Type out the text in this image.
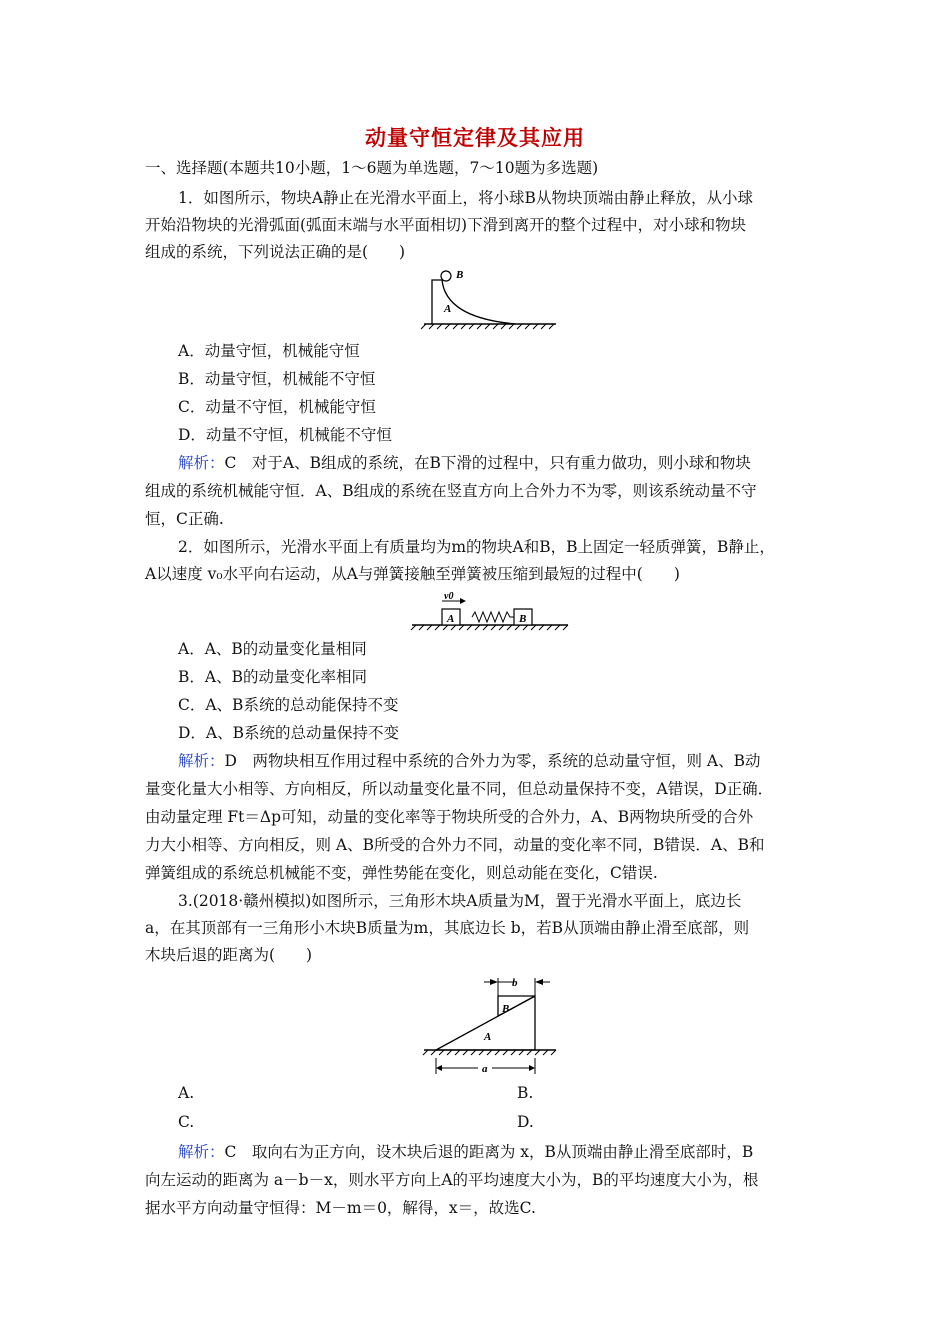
动量守恒定律及其应用
一、选择题(本题共10小题，1～6题为单选题，7～10题为多选题)
1．如图所示，物块A静止在光滑水平面上，将小球B从物块顶端由静止释放，从小球
开始沿物块的光滑弧面(弧面末端与水平面相切)下滑到离开的整个过程中，对小球和物块
组成的系统，下列说法正确的是(　　)
B
A
A．动量守恒，机械能守恒
B．动量守恒，机械能不守恒
C．动量不守恒，机械能守恒
D．动量不守恒，机械能不守恒
解析：C　对于A、B组成的系统，在B下滑的过程中，只有重力做功，则小球和物块
组成的系统机械能守恒．A、B组成的系统在竖直方向上合外力不为零，则该系统动量不守
恒，C正确.
2．如图所示，光滑水平面上有质量均为m的物块A和B，B上固定一轻质弹簧，B静止，
A以速度 v₀水平向右运动，从A与弹簧接触至弹簧被压缩到最短的过程中(　　)
v0
A	B
A．A、B的动量变化量相同
B．A、B的动量变化率相同
C．A、B系统的总动能保持不变
D．A、B系统的总动量保持不变
解析：D　两物块相互作用过程中系统的合外力为零，系统的总动量守恒，则 A、B动
量变化量大小相等、方向相反，所以动量变化量不同，但总动量保持不变，A错误，D正确．
由动量定理 Ft＝Δp可知，动量的变化率等于物块所受的合外力，A、B两物块所受的合外
力大小相等、方向相反，则 A、B所受的合外力不同，动量的变化率不同，B错误．A、B和
弹簧组成的系统总机械能不变，弹性势能在变化，则总动能在变化，C错误.
3.(2018·赣州模拟)如图所示，三角形木块A质量为M，置于光滑水平面上，底边长
a，在其顶部有一三角形小木块B质量为m，其底边长 b，若B从顶端由静止滑至底部，则
木块后退的距离为(　　)
b
B
A
a
A.	B.
C.	D.
解析：C　取向右为正方向，设木块后退的距离为 x，B从顶端由静止滑至底部时，B
向左运动的距离为 a－b－x，则水平方向上A的平均速度大小为，B的平均速度大小为，根
据水平方向动量守恒得：M－m＝0，解得，x＝，故选C.
